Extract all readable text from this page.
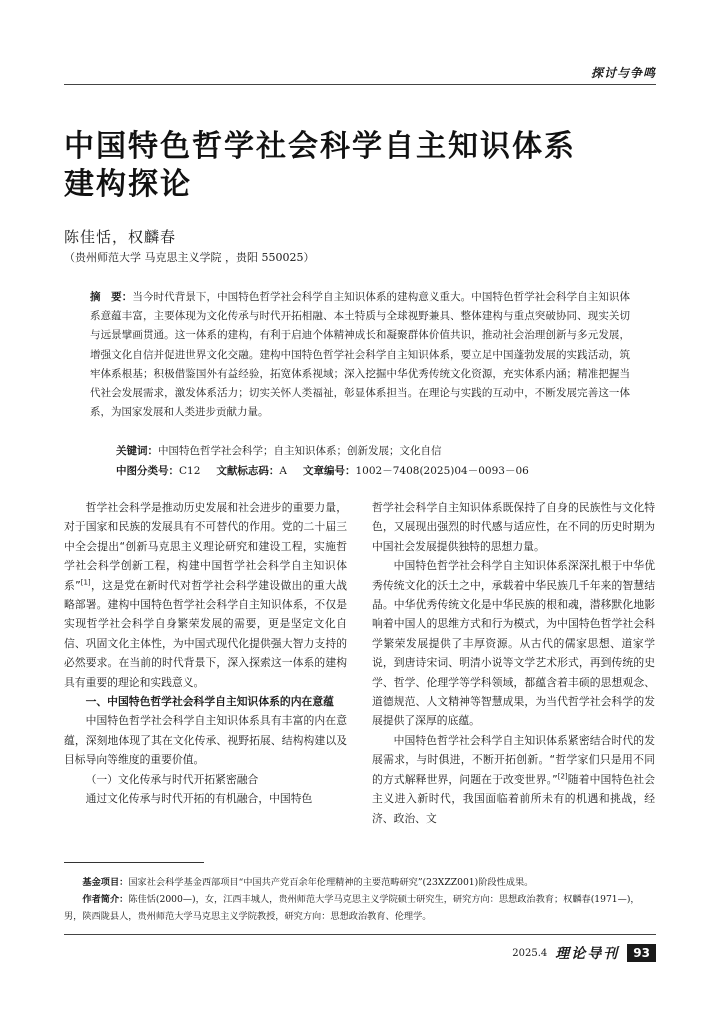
探讨与争鸣
中国特色哲学社会科学自主知识体系
建构探论
陈佳恬，权麟春
（贵州师范大学 马克思主义学院 ，贵阳 550025）
摘　要：当今时代背景下，中国特色哲学社会科学自主知识体系的建构意义重大。中国特色哲学社会科学自主知识体系意蕴丰富，主要体现为文化传承与时代开拓相融、本土特质与全球视野兼具、整体建构与重点突破协同、现实关切与远景擘画贯通。这一体系的建构，有利于启迪个体精神成长和凝聚群体价值共识，推动社会治理创新与多元发展，增强文化自信并促进世界文化交融。建构中国特色哲学社会科学自主知识体系，要立足中国蓬勃发展的实践活动，筑牢体系根基；积极借鉴国外有益经验，拓宽体系视域；深入挖掘中华优秀传统文化资源，充实体系内涵；精准把握当代社会发展需求，激发体系活力；切实关怀人类福祉，彰显体系担当。在理论与实践的互动中，不断发展完善这一体系，为国家发展和人类进步贡献力量。
关键词：中国特色哲学社会科学；自主知识体系；创新发展；文化自信
中图分类号：C12 文献标志码：A 文章编号：1002－7408(2025)04－0093－06

哲学社会科学是推动历史发展和社会进步的重要力量，对于国家和民族的发展具有不可替代的作用。党的二十届三中全会提出“创新马克思主义理论研究和建设工程，实施哲学社会科学创新工程，构建中国哲学社会科学自主知识体系”[1]，这是党在新时代对哲学社会科学建设做出的重大战略部署。建构中国特色哲学社会科学自主知识体系，不仅是实现哲学社会科学自身繁荣发展的需要，更是坚定文化自信、巩固文化主体性，为中国式现代化提供强大智力支持的必然要求。在当前的时代背景下，深入探索这一体系的建构具有重要的理论和实践意义。

一、中国特色哲学社会科学自主知识体系的内在意蕴

中国特色哲学社会科学自主知识体系具有丰富的内在意蕴，深刻地体现了其在文化传承、视野拓展、结构构建以及目标导向等维度的重要价值。

（一）文化传承与时代开拓紧密融合

通过文化传承与时代开拓的有机融合，中国特色

哲学社会科学自主知识体系既保持了自身的民族性与文化特色，又展现出强烈的时代感与适应性，在不同的历史时期为中国社会发展提供独特的思想力量。

中国特色哲学社会科学自主知识体系深深扎根于中华优秀传统文化的沃土之中，承载着中华民族几千年来的智慧结晶。中华优秀传统文化是中华民族的根和魂，潜移默化地影响着中国人的思维方式和行为模式，为中国特色哲学社会科学繁荣发展提供了丰厚资源。从古代的儒家思想、道家学说，到唐诗宋词、明清小说等文学艺术形式，再到传统的史学、哲学、伦理学等学科领域，都蕴含着丰硕的思想观念、道德规范、人文精神等智慧成果，为当代哲学社会科学的发展提供了深厚的底蕴。

中国特色哲学社会科学自主知识体系紧密结合时代的发展需求，与时俱进，不断开拓创新。“哲学家们只是用不同的方式解释世界，问题在于改变世界。”[2]随着中国特色社会主义进入新时代，我国面临着前所未有的机遇和挑战，经济、政治、文

基金项目：国家社会科学基金西部项目“中国共产党百余年伦理精神的主要范畴研究”(23XZZ001)阶段性成果。

作者简介：陈佳恬(2000—)，女，江西丰城人，贵州师范大学马克思主义学院硕士研究生，研究方向：思想政治教育；权麟春(1971—)，男，陕西陇县人，贵州师范大学马克思主义学院教授，研究方向：思想政治教育、伦理学。

2025.4 理论导刊	93
